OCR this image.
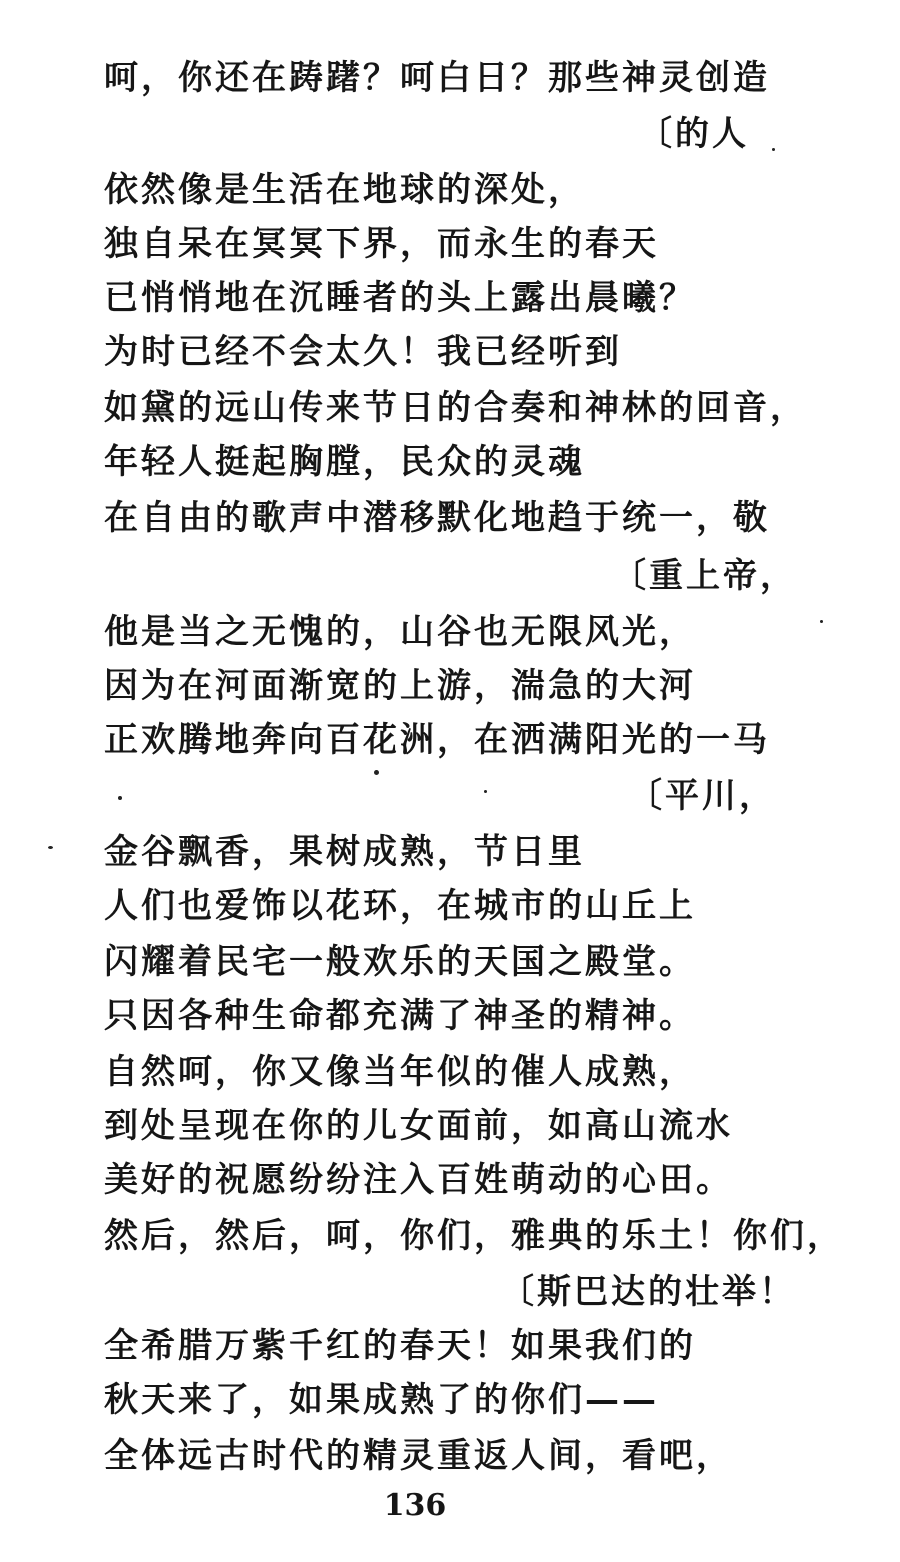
呵，你还在踌躇？呵白日？那些神灵创造
〔的人
依然像是生活在地球的深处，
独自呆在冥冥下界，而永生的春天
已悄悄地在沉睡者的头上露出晨曦？
为时已经不会太久！我已经听到
如黛的远山传来节日的合奏和神林的回音，
年轻人挺起胸膛，民众的灵魂
在自由的歌声中潜移默化地趋于统一，敬
〔重上帝，
他是当之无愧的，山谷也无限风光，
因为在河面渐宽的上游，湍急的大河
正欢腾地奔向百花洲，在洒满阳光的一马
〔平川，
金谷飘香，果树成熟，节日里
人们也爱饰以花环，在城市的山丘上
闪耀着民宅一般欢乐的天国之殿堂。
只因各种生命都充满了神圣的精神。
自然呵，你又像当年似的催人成熟，
到处呈现在你的儿女面前，如高山流水
美好的祝愿纷纷注入百姓萌动的心田。
然后，然后，呵，你们，雅典的乐土！你们，
〔斯巴达的壮举！
全希腊万紫千红的春天！如果我们的
秋天来了，如果成熟了的你们——
全体远古时代的精灵重返人间，看吧，
136
